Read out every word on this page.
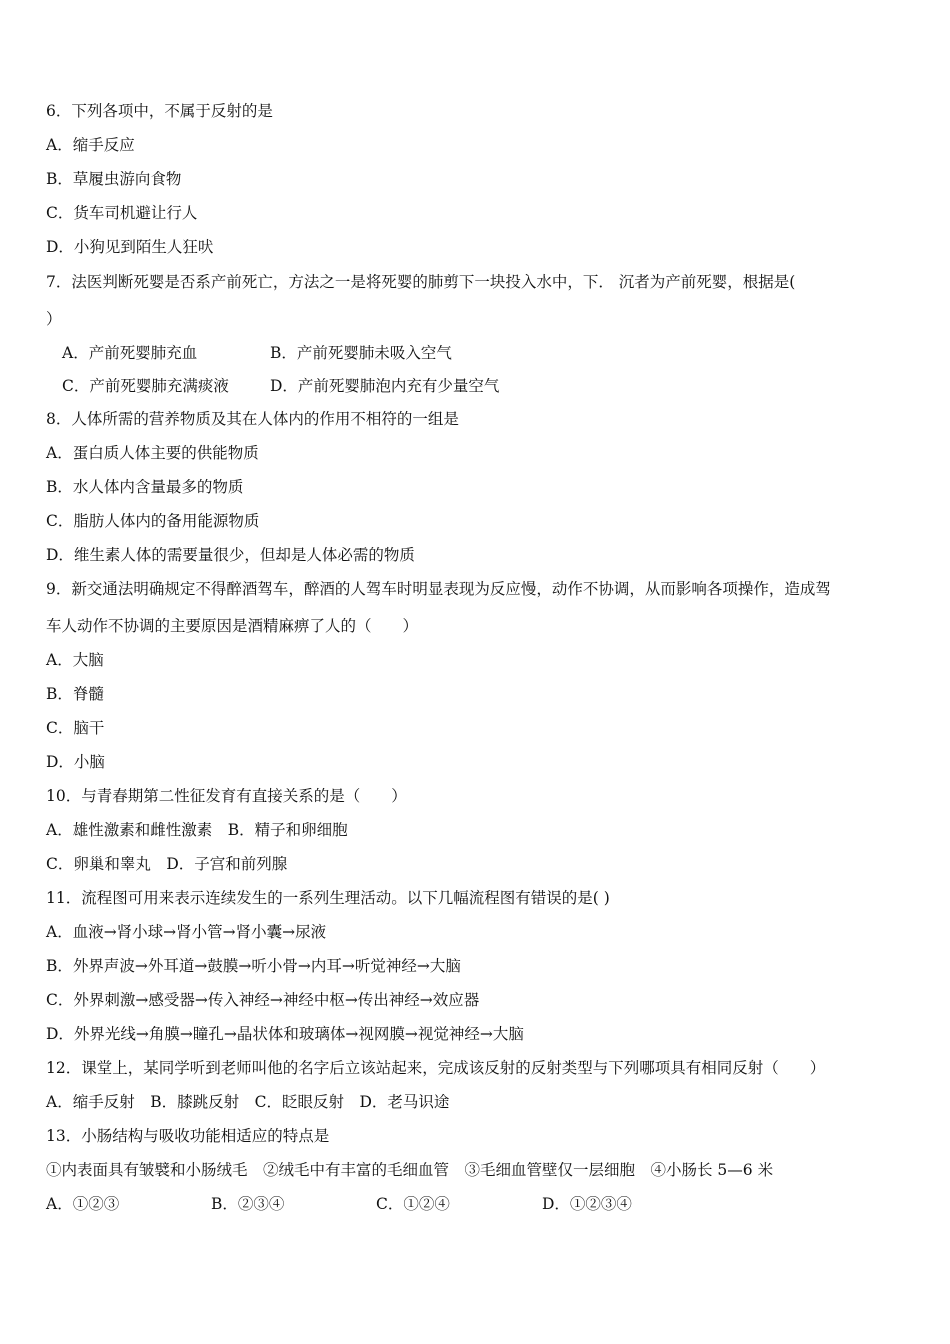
6．下列各项中，不属于反射的是
A．缩手反应
B．草履虫游向食物
C．货车司机避让行人
D．小狗见到陌生人狂吠
7．法医判断死婴是否系产前死亡，方法之一是将死婴的肺剪下一块投入水中，下． 沉者为产前死婴，根据是(
）
A．产前死婴肺充血	B．产前死婴肺未吸入空气
C．产前死婴肺充满痰液	D．产前死婴肺泡内充有少量空气
8．人体所需的营养物质及其在人体内的作用不相符的一组是
A．蛋白质人体主要的供能物质
B．水人体内含量最多的物质
C．脂肪人体内的备用能源物质
D．维生素人体的需要量很少，但却是人体必需的物质
9．新交通法明确规定不得醉酒驾车，醉酒的人驾车时明显表现为反应慢，动作不协调，从而影响各项操作，造成驾
车人动作不协调的主要原因是酒精麻痹了人的（　　）
A．大脑
B．脊髓
C．脑干
D．小脑
10．与青春期第二性征发育有直接关系的是（　　）
A．雄性激素和雌性激素　B．精子和卵细胞
C．卵巢和睾丸　D．子宫和前列腺
11．流程图可用来表示连续发生的一系列生理活动。以下几幅流程图有错误的是( )
A．血液→肾小球→肾小管→肾小囊→尿液
B．外界声波→外耳道→鼓膜→听小骨→内耳→听觉神经→大脑
C．外界刺激→感受器→传入神经→神经中枢→传出神经→效应器
D．外界光线→角膜→瞳孔→晶状体和玻璃体→视网膜→视觉神经→大脑
12．课堂上，某同学听到老师叫他的名字后立该站起来，完成该反射的反射类型与下列哪项具有相同反射（　　）
A．缩手反射　B．膝跳反射　C．眨眼反射　D．老马识途
13．小肠结构与吸收功能相适应的特点是
①内表面具有皱襞和小肠绒毛　②绒毛中有丰富的毛细血管　③毛细血管壁仅一层细胞　④小肠长 5—6 米
A．①②③	B．②③④	C．①②④	D．①②③④
